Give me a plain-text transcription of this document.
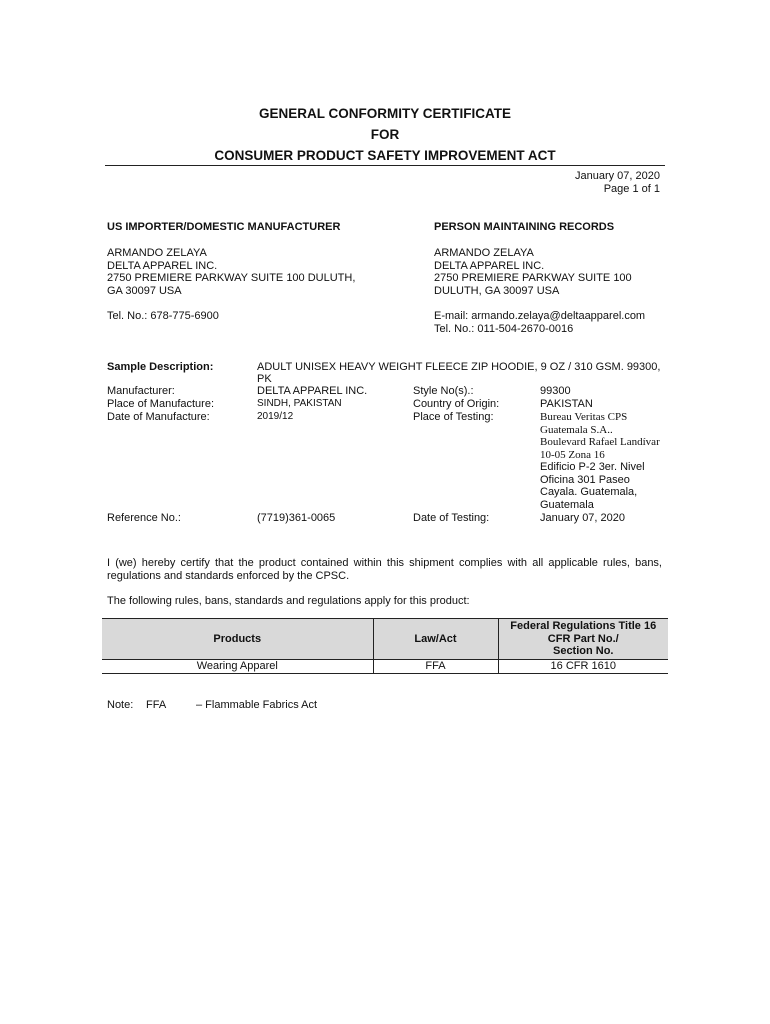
GENERAL CONFORMITY CERTIFICATE
FOR
CONSUMER PRODUCT SAFETY IMPROVEMENT ACT
January 07, 2020
Page 1 of 1
US IMPORTER/DOMESTIC MANUFACTURER
ARMANDO ZELAYA
DELTA APPAREL INC.
2750 PREMIERE PARKWAY SUITE 100 DULUTH,
GA 30097 USA
Tel. No.: 678-775-6900
PERSON MAINTAINING RECORDS
ARMANDO ZELAYA
DELTA APPAREL INC.
2750 PREMIERE PARKWAY SUITE 100
DULUTH, GA 30097 USA
E-mail: armando.zelaya@deltaapparel.com
Tel. No.: 011-504-2670-0016
Sample Description:	ADULT UNISEX HEAVY WEIGHT FLEECE ZIP HOODIE, 9 OZ / 310 GSM. 99300,
PK
Manufacturer:	DELTA APPAREL INC.
Place of Manufacture:	SINDH, PAKISTAN
Date of Manufacture:	2019/12
Style No(s).:	99300
Country of Origin:	PAKISTAN
Place of Testing:	Bureau Veritas CPS
Guatemala S.A..
Boulevard Rafael Landívar
10-05 Zona 16
Edificio P-2 3er. Nivel
Oficina 301 Paseo
Cayala. Guatemala,
Guatemala
Reference No.:	(7719)361-0065	Date of Testing:	January 07, 2020
I (we) hereby certify that the product contained within this shipment complies with all applicable rules, bans, regulations and standards enforced by the CPSC.
The following rules, bans, standards and regulations apply for this product:
Products	Law/Act	Federal Regulations Title 16
CFR Part No./
Section No.

Wearing Apparel	FFA	16 CFR 1610
Note: FFA	– Flammable Fabrics Act
